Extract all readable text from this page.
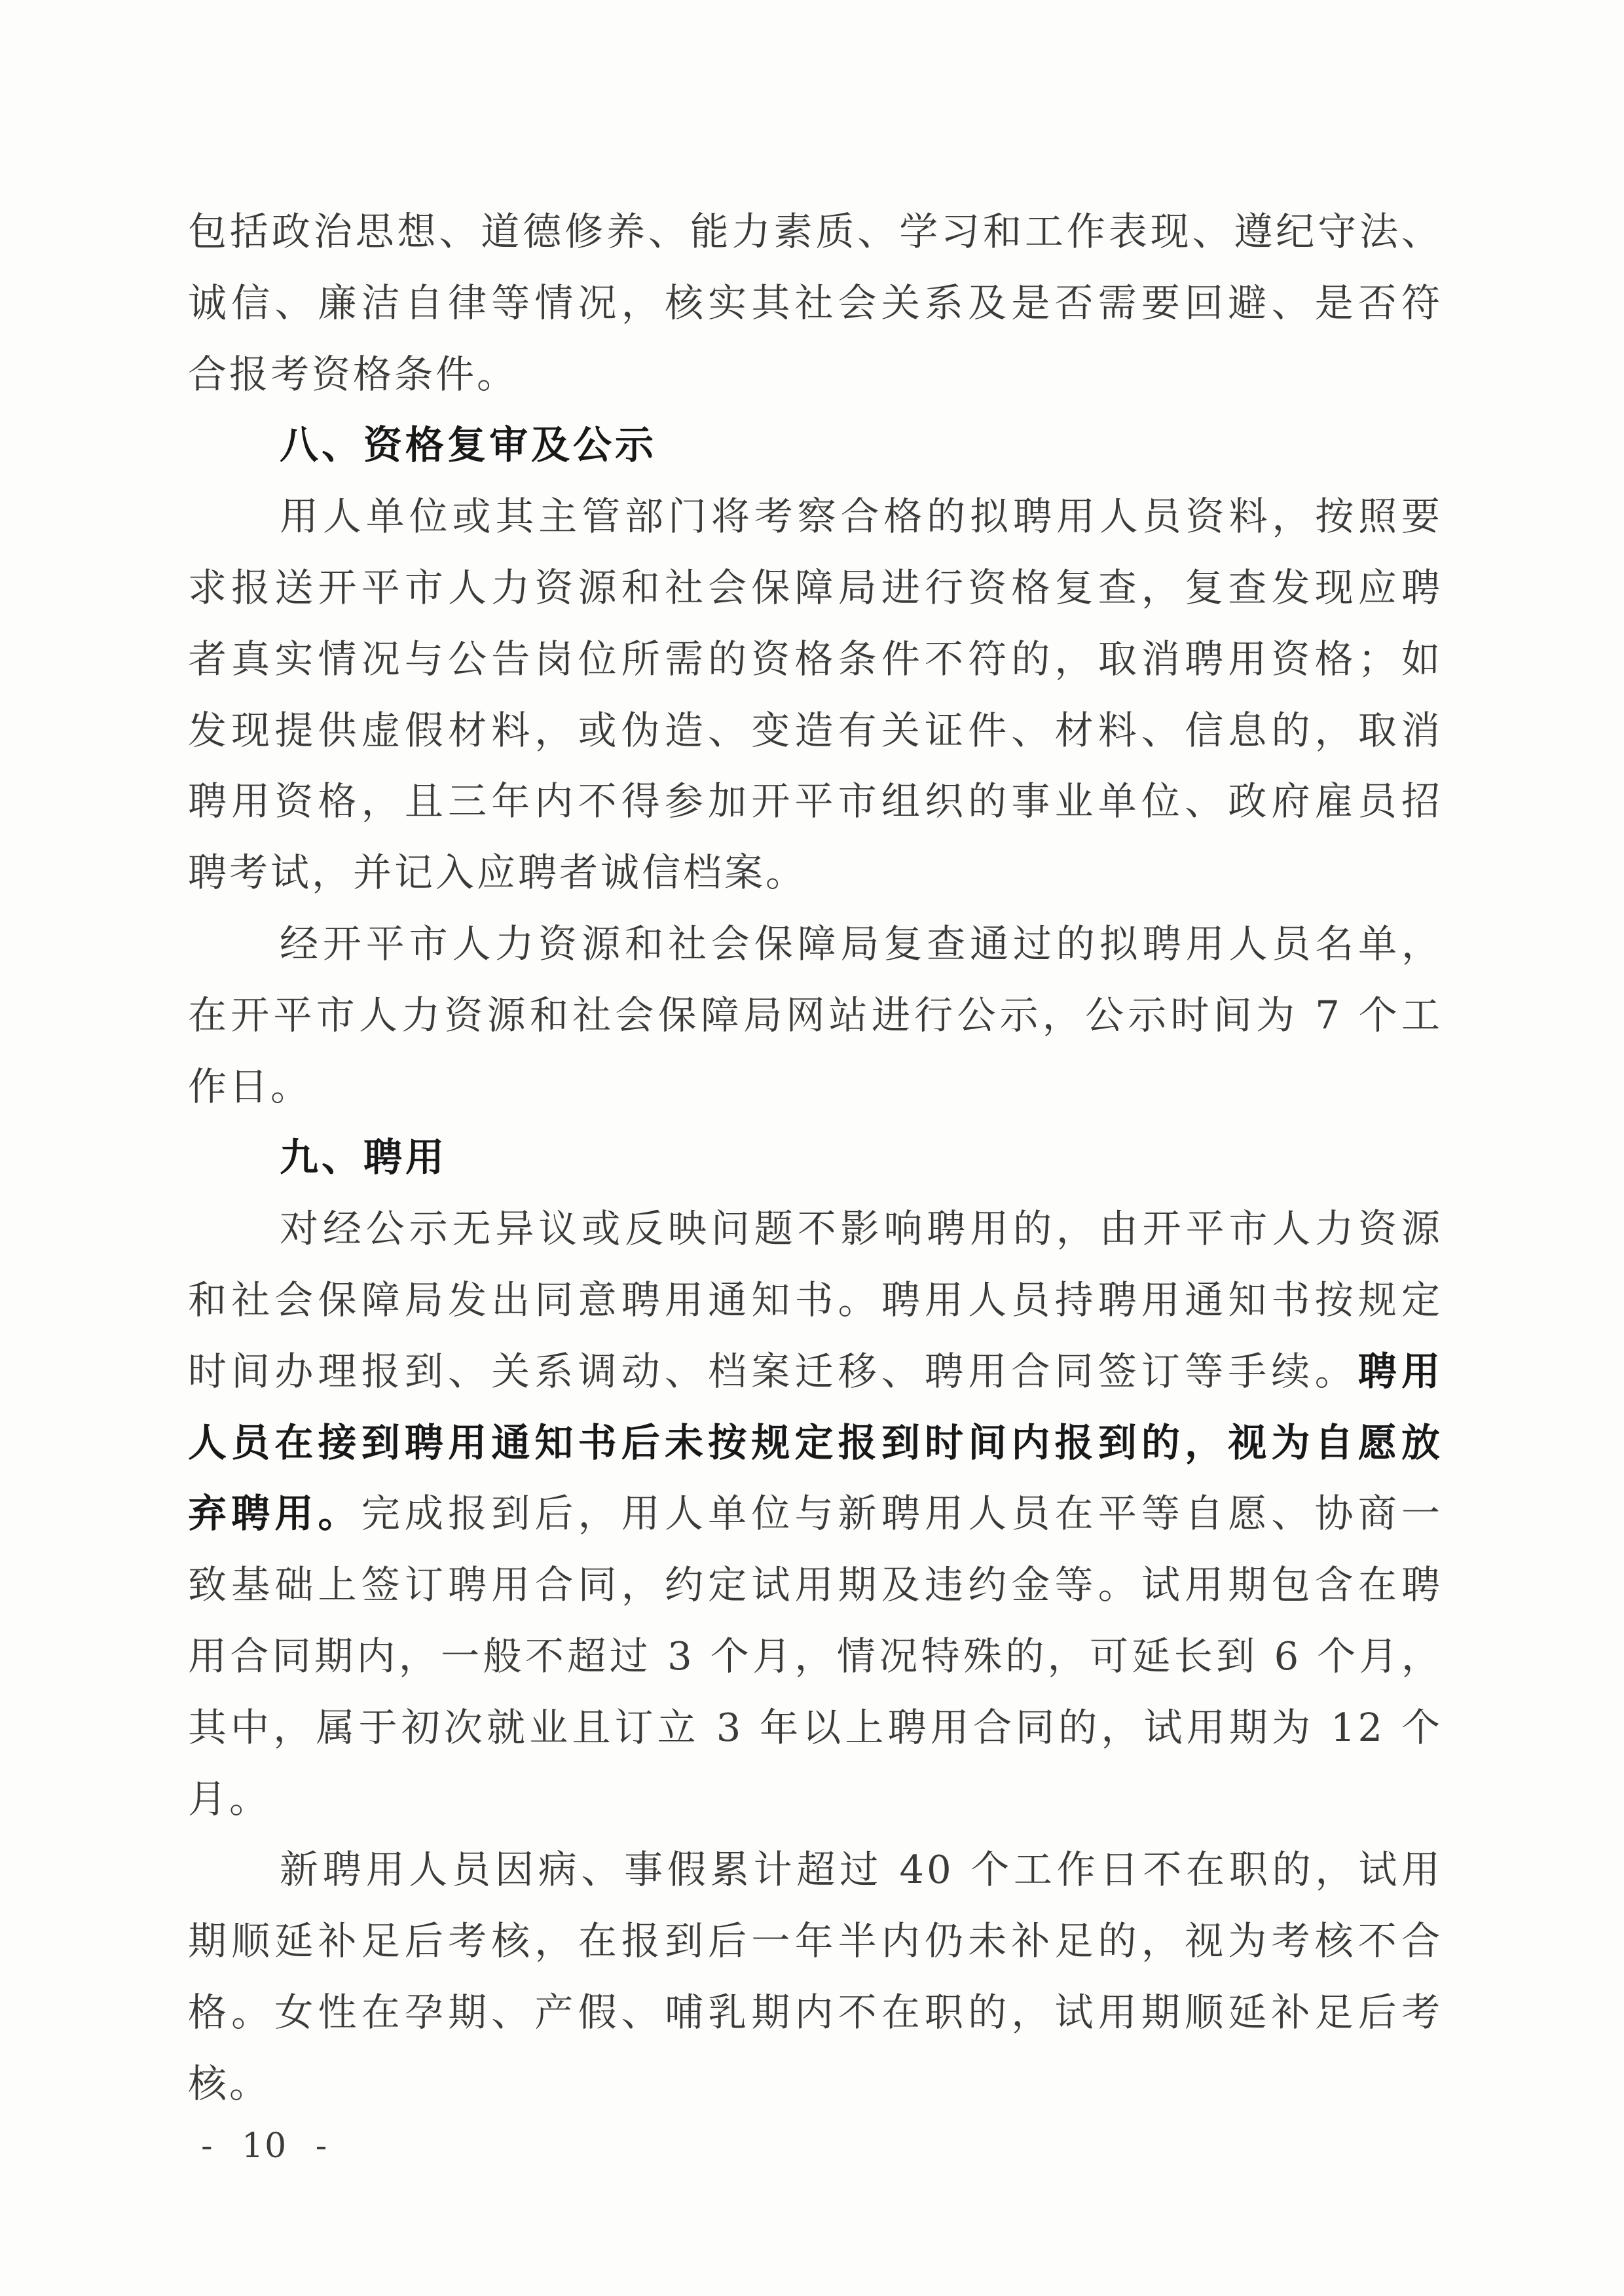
包括政治思想、道德修养、能力素质、学习和工作表现、遵纪守法、
诚信、廉洁自律等情况，核实其社会关系及是否需要回避、是否符
合报考资格条件。
八、资格复审及公示
用人单位或其主管部门将考察合格的拟聘用人员资料，按照要
求报送开平市人力资源和社会保障局进行资格复查，复查发现应聘
者真实情况与公告岗位所需的资格条件不符的，取消聘用资格；如
发现提供虚假材料，或伪造、变造有关证件、材料、信息的，取消
聘用资格，且三年内不得参加开平市组织的事业单位、政府雇员招
聘考试，并记入应聘者诚信档案。
经开平市人力资源和社会保障局复查通过的拟聘用人员名单，
在开平市人力资源和社会保障局网站进行公示，公示时间为 7 个工
作日。
九、聘用
对经公示无异议或反映问题不影响聘用的，由开平市人力资源
和社会保障局发出同意聘用通知书。聘用人员持聘用通知书按规定
时间办理报到、关系调动、档案迁移、聘用合同签订等手续。聘用
人员在接到聘用通知书后未按规定报到时间内报到的，视为自愿放
弃聘用。完成报到后，用人单位与新聘用人员在平等自愿、协商一
致基础上签订聘用合同，约定试用期及违约金等。试用期包含在聘
用合同期内，一般不超过 3 个月，情况特殊的，可延长到 6 个月，
其中，属于初次就业且订立 3 年以上聘用合同的，试用期为 12 个
月。
新聘用人员因病、事假累计超过 40 个工作日不在职的，试用
期顺延补足后考核，在报到后一年半内仍未补足的，视为考核不合
格。女性在孕期、产假、哺乳期内不在职的，试用期顺延补足后考
核。
- 10 -
